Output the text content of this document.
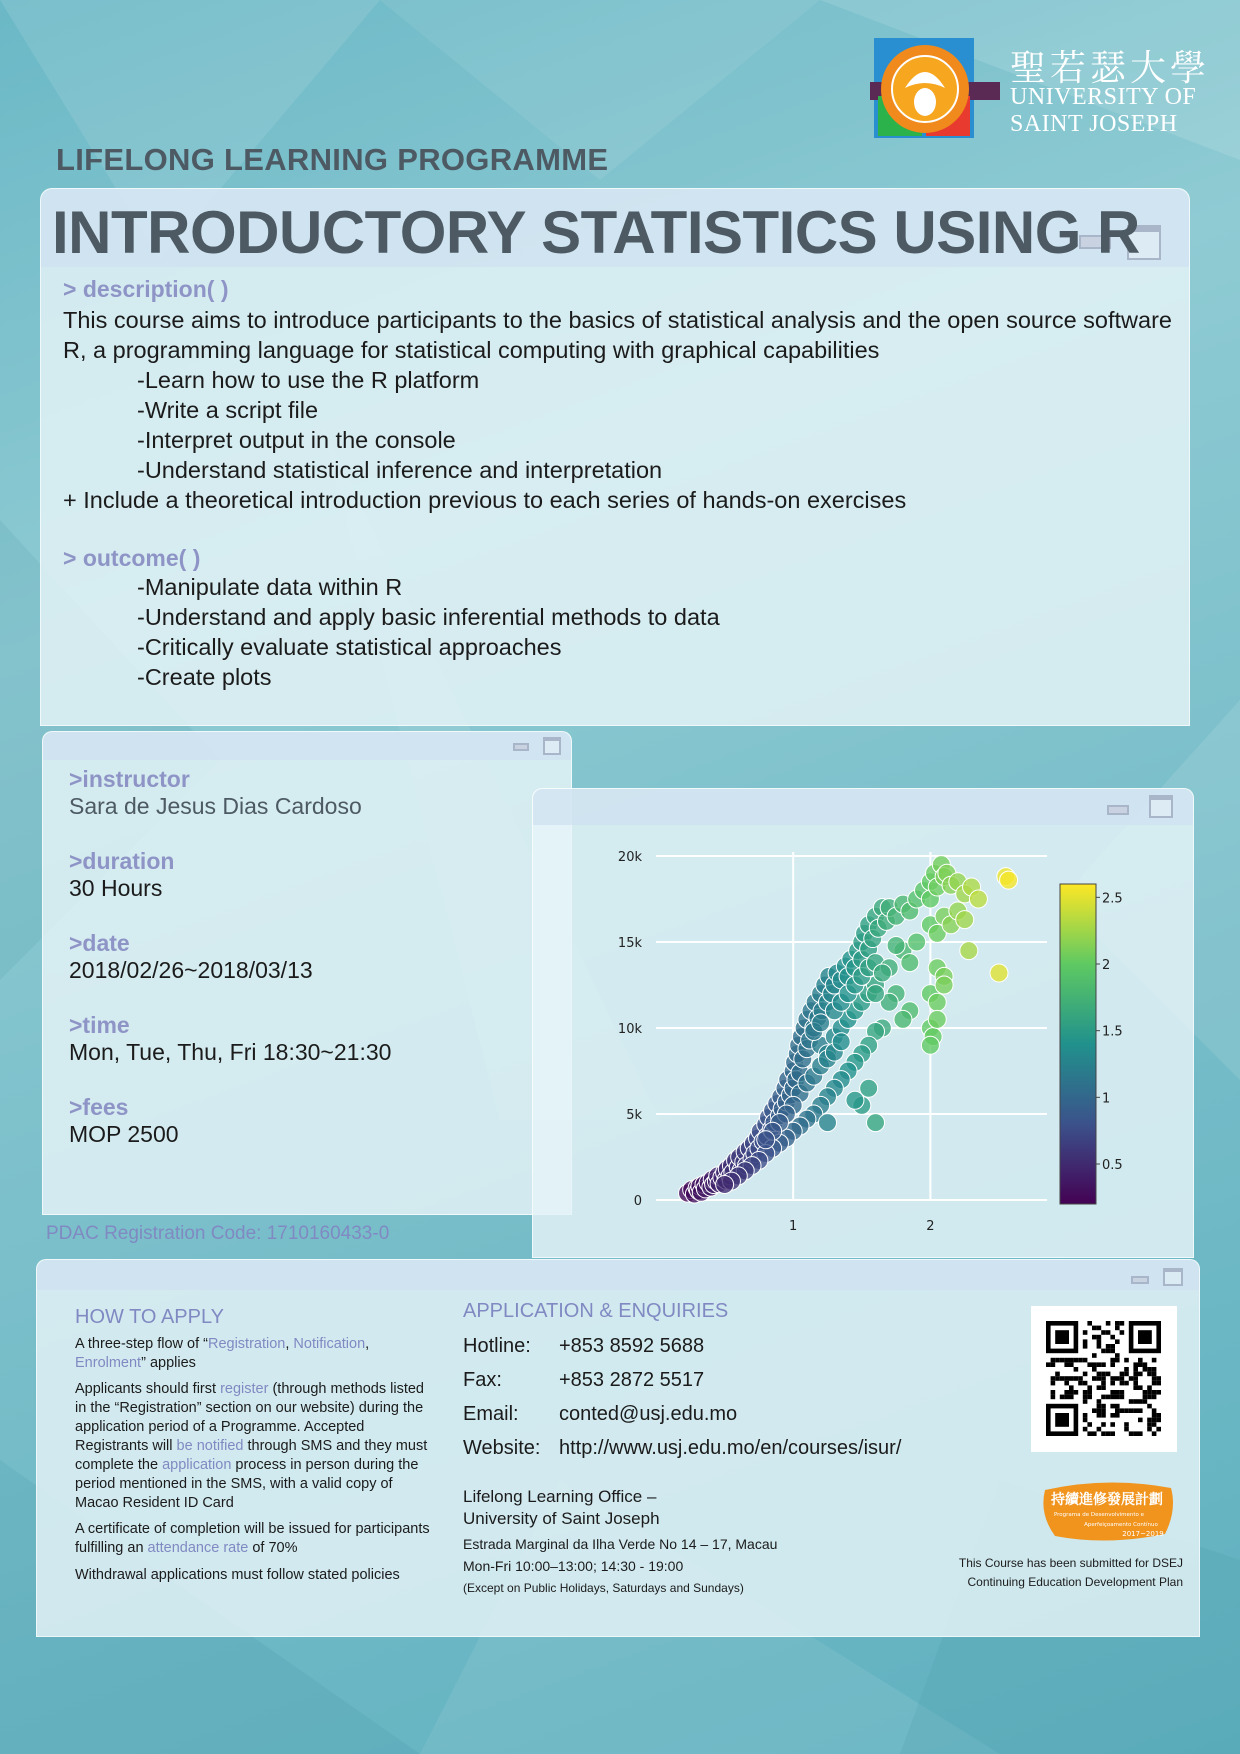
聖若瑟大學
UNIVERSITY OF
SAINT JOSEPH
LIFELONG LEARNING PROGRAMME
INTRODUCTORY STATISTICS USING R
> description( )
This course aims to introduce participants to the basics of statistical analysis and the open source software R, a programming language for statistical computing with graphical capabilities
-Learn how to use the R platform
-Write a script file
-Interpret output in the console
-Understand statistical inference and interpretation
+ Include a theoretical introduction previous to each series of hands-on exercises
> outcome( )
-Manipulate data within R
-Understand and apply basic inferential methods to data
-Critically evaluate statistical approaches
-Create plots
>instructor
Sara de Jesus Dias Cardoso
>duration
30 Hours
>date
2018/02/26~2018/03/13
>time
Mon, Tue, Thu, Fri 18:30~21:30
>fees
MOP 2500
PDAC Registration Code: 1710160433-0
0
5k
10k
15k
20k
1	2
0.5
1
1.5
2
2.5
HOW TO APPLY
A three-step flow of “Registration, Notification, Enrolment” applies
Applicants should first register (through methods listed in the “Registration” section on our website) during the application period of a Programme. Accepted Registrants will be notified through SMS and they must complete the application process in person during the period mentioned in the SMS, with a valid copy of Macao Resident ID Card
A certificate of completion will be issued for participants fulfilling an attendance rate of 70%
Withdrawal applications must follow stated policies
APPLICATION & ENQUIRIES
Hotline:	+853 8592 5688
Fax:	+853 2872 5517
Email:	conted@usj.edu.mo
Website: http://www.usj.edu.mo/en/courses/isur/
Lifelong Learning Office –
University of Saint Joseph
Estrada Marginal da Ilha Verde No 14 – 17, Macau
Mon-Fri 10:00–13:00; 14:30 - 19:00
(Except on Public Holidays, Saturdays and Sundays)
持續進修發展計劃
Programa de Desenvolvimento e
Aperfeiçoamento Contínuo
2017~2019
This Course has been submitted for DSEJ
Continuing Education Development Plan
